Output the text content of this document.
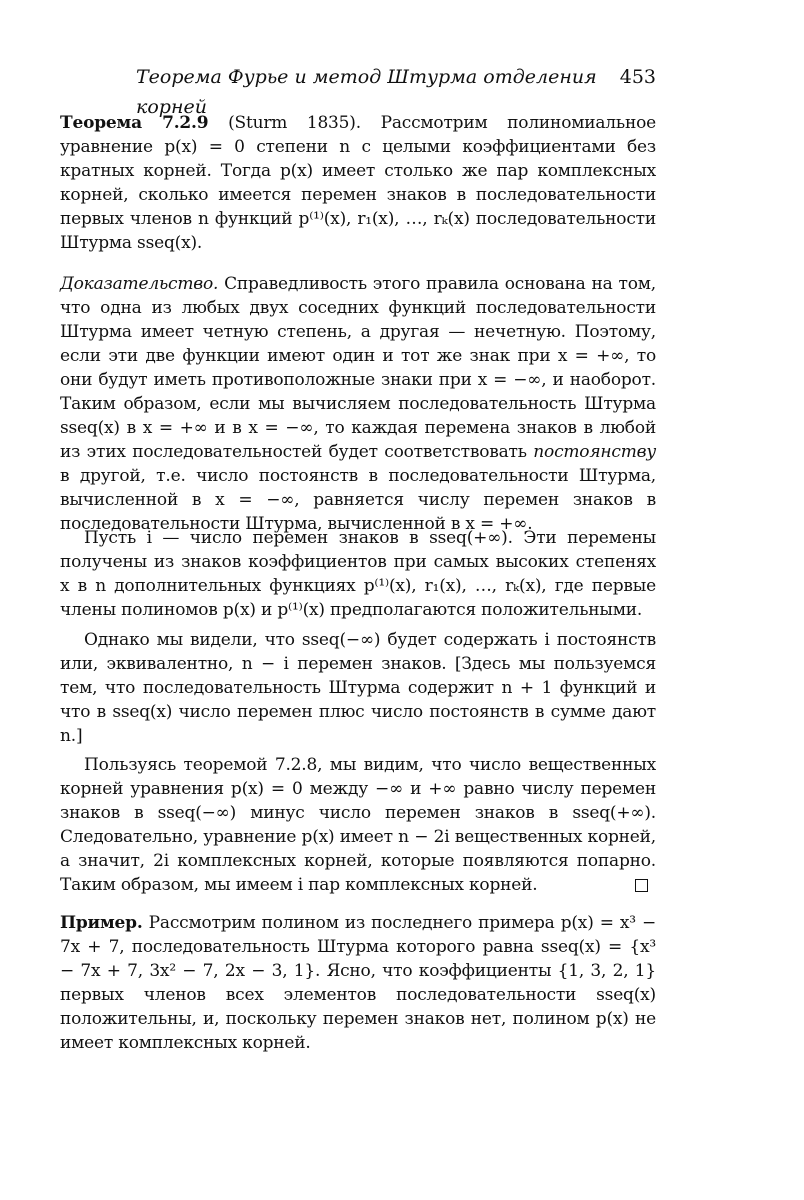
Теорема Фурье и метод Штурма отделения корней
453
Теорема 7.2.9 (Sturm 1835). Рассмотрим полиномиальное уравнение p(x) = 0 степени n с целыми коэффициентами без кратных корней. Тогда p(x) имеет столько же пар комплексных корней, сколько имеется перемен знаков в последовательности первых членов n функций p⁽¹⁾(x), r₁(x), …, rₖ(x) последовательности Штурма sseq(x).
Доказательство. Справедливость этого правила основана на том, что одна из любых двух соседних функций последовательности Штурма имеет четную степень, а другая — нечетную. Поэтому, если эти две функции имеют один и тот же знак при x = +∞, то они будут иметь противоположные знаки при x = −∞, и наоборот. Таким образом, если мы вычисляем последовательность Штурма sseq(x) в x = +∞ и в x = −∞, то каждая перемена знаков в любой из этих последовательностей будет соответствовать постоянству в другой, т.е. число постоянств в последовательности Штурма, вычисленной в x = −∞, равняется числу перемен знаков в последовательности Штурма, вычисленной в x = +∞.
Пусть i — число перемен знаков в sseq(+∞). Эти перемены получены из знаков коэффициентов при самых высоких степенях x в n дополнительных функциях p⁽¹⁾(x), r₁(x), …, rₖ(x), где первые члены полиномов p(x) и p⁽¹⁾(x) предполагаются положительными.
Однако мы видели, что sseq(−∞) будет содержать i постоянств или, эквивалентно, n − i перемен знаков. [Здесь мы пользуемся тем, что последовательность Штурма содержит n + 1 функций и что в sseq(x) число перемен плюс число постоянств в сумме дают n.]
Пользуясь теоремой 7.2.8, мы видим, что число вещественных корней уравнения p(x) = 0 между −∞ и +∞ равно числу перемен знаков в sseq(−∞) минус число перемен знаков в sseq(+∞). Следовательно, уравнение p(x) имеет n − 2i вещественных корней, а значит, 2i комплексных корней, которые появляются попарно. Таким образом, мы имеем i пар комплексных корней.
Пример. Рассмотрим полином из последнего примера p(x) = x³ − 7x + 7, последовательность Штурма которого равна sseq(x) = {x³ − 7x + 7, 3x² − 7, 2x − 3, 1}. Ясно, что коэффициенты {1, 3, 2, 1} первых членов всех элементов последовательности sseq(x) положительны, и, поскольку перемен знаков нет, полином p(x) не имеет комплексных корней.
